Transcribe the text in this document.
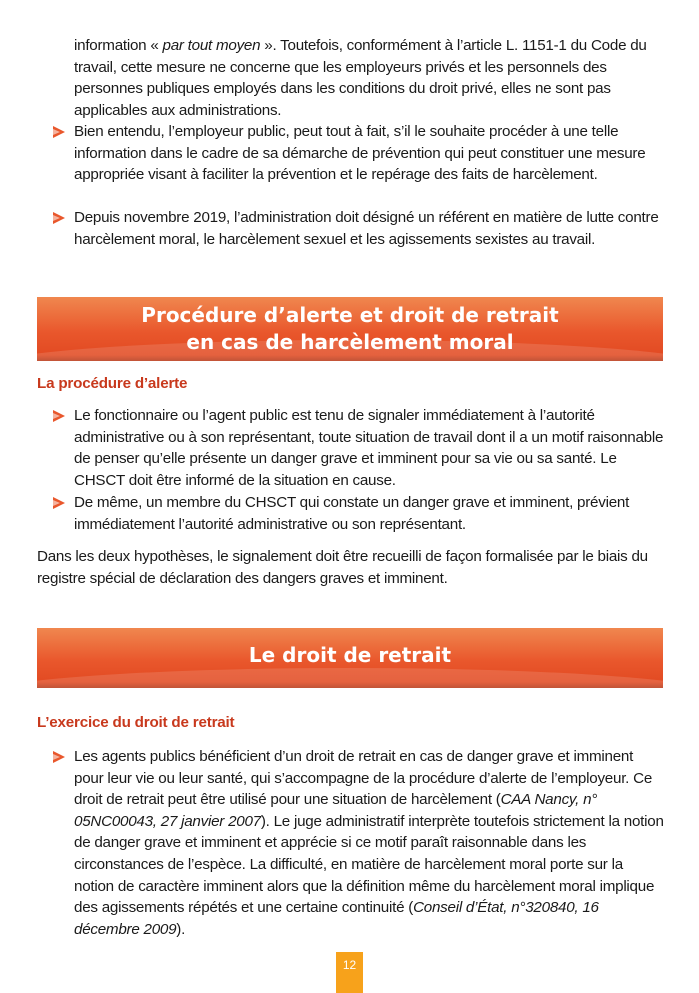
information « par tout moyen ». Toutefois, conformément à l’article L. 1151-1 du Code du travail, cette mesure ne concerne que les employeurs privés et les personnels des personnes publiques employés dans les conditions du droit privé, elles ne sont pas applicables aux administrations.

Bien entendu, l’employeur public, peut tout à fait, s’il le souhaite procéder à une telle information dans le cadre de sa démarche de prévention qui peut constituer une mesure appropriée visant à faciliter la prévention et le repérage des faits de harcèlement.
Depuis novembre 2019, l’administration doit désigné un référent en matière de lutte contre harcèlement moral, le harcèlement sexuel et les agissements sexistes au travail.
Procédure d’alerte et droit de retrait
en cas de harcèlement moral
La procédure d’alerte
Le fonctionnaire ou l’agent public est tenu de signaler immédiatement à l’autorité administrative ou à son représentant, toute situation de travail dont il a un motif raisonnable de penser qu’elle présente un danger grave et imminent pour sa vie ou sa santé. Le CHSCT doit être informé de la situation en cause.
De même, un membre du CHSCT qui constate un danger grave et imminent, prévient immédiatement l’autorité administrative ou son représentant.

Dans les deux hypothèses, le signalement doit être recueilli de façon formalisée par le biais du registre spécial de déclaration des dangers graves et imminent.

Le droit de retrait
L’exercice du droit de retrait
Les agents publics bénéficient d’un droit de retrait en cas de danger grave et imminent pour leur vie ou leur santé, qui s’accompagne de la procédure d’alerte de l’employeur. Ce droit de retrait peut être utilisé pour une situation de harcèlement (CAA Nancy, n° 05NC00043, 27 janvier 2007). Le juge administratif interprète toutefois strictement la notion de danger grave et imminent et apprécie si ce motif paraît raisonnable dans les circonstances de l’espèce. La difficulté, en matière de harcèlement moral porte sur la notion de caractère imminent alors que la définition même du harcèlement moral implique des agissements répétés et une certaine continuité (Conseil d’État, n°320840, 16 décembre 2009).
12
